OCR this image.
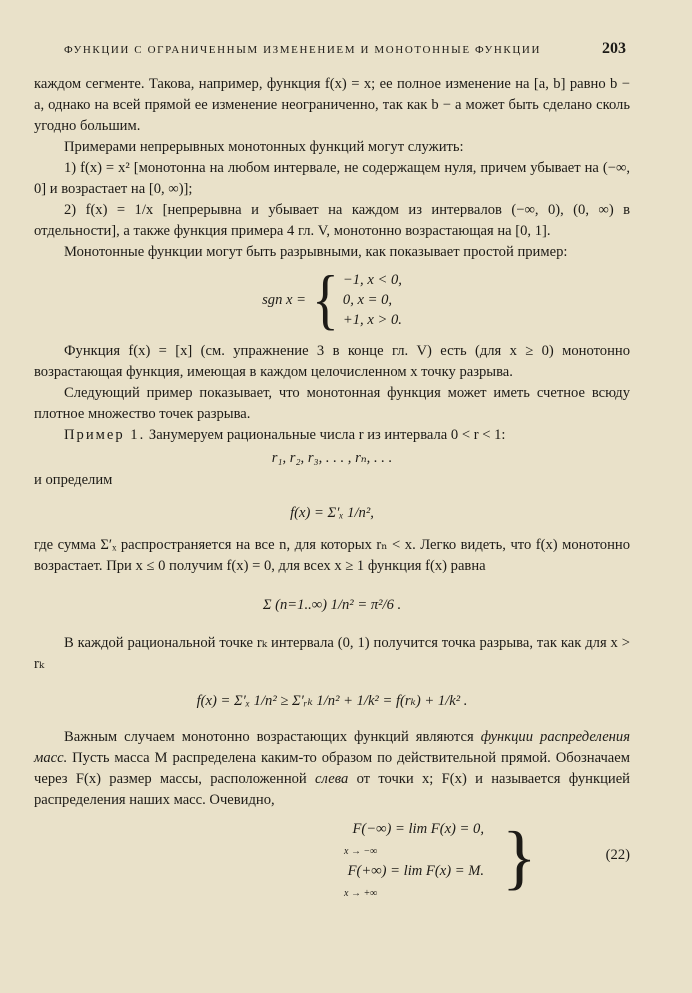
ФУНКЦИИ С ОГРАНИЧЕННЫМ ИЗМЕНЕНИЕМ И МОНОТОННЫЕ ФУНКЦИИ	203

каждом сегменте. Такова, например, функция f(x) = x; ее полное изменение на [a, b] равно b − a, однако на всей прямой ее изменение неограниченно, так как b − a может быть сделано сколь угодно большим.

Примерами непрерывных монотонных функций могут служить:

1) f(x) = x² [монотонна на любом интервале, не содержащем нуля, причем убывает на (−∞, 0] и возрастает на [0, ∞)];

2) f(x) = 1/x [непрерывна и убывает на каждом из интервалов (−∞, 0), (0, ∞) в отдельности], а также функция примера 4 гл. V, монотонно возрастающая на [0, 1].

Монотонные функции могут быть разрывными, как показывает простой пример:

sgn x = { −1, x < 0,
0, x = 0,
+1, x > 0.

Функция f(x) = [x] (см. упражнение 3 в конце гл. V) есть (для x ≥ 0) монотонно возрастающая функция, имеющая в каждом целочисленном x точку разрыва.

Следующий пример показывает, что монотонная функция может иметь счетное всюду плотное множество точек разрыва.

Пример 1. Занумеруем рациональные числа r из интервала 0 < r < 1:

r₁, r₂, r₃, . . . , rₙ, . . .

и определим

f(x) = Σ′ₓ 1/n²,

где сумма Σ′ₓ распространяется на все n, для которых rₙ < x. Легко видеть, что f(x) монотонно возрастает. При x ≤ 0 получим f(x) = 0, для всех x ≥ 1 функция f(x) равна

Σ (n=1..∞) 1/n² = π²/6 .

В каждой рациональной точке rₖ интервала (0, 1) получится точка разрыва, так как для x > rₖ

f(x) = Σ′ₓ 1/n² ≥ Σ′ᵣₖ 1/n² + 1/k² = f(rₖ) + 1/k² .

Важным случаем монотонно возрастающих функций являются функции распределения масс. Пусть масса M распределена каким-то образом по действительной прямой. Обозначаем через F(x) размер массы, расположенной слева от точки x; F(x) и называется функцией распределения наших масс. Очевидно,

F(−∞) = lim F(x) = 0,
x → −∞
F(+∞) = lim F(x) = M.
x → +∞ }	(22)
